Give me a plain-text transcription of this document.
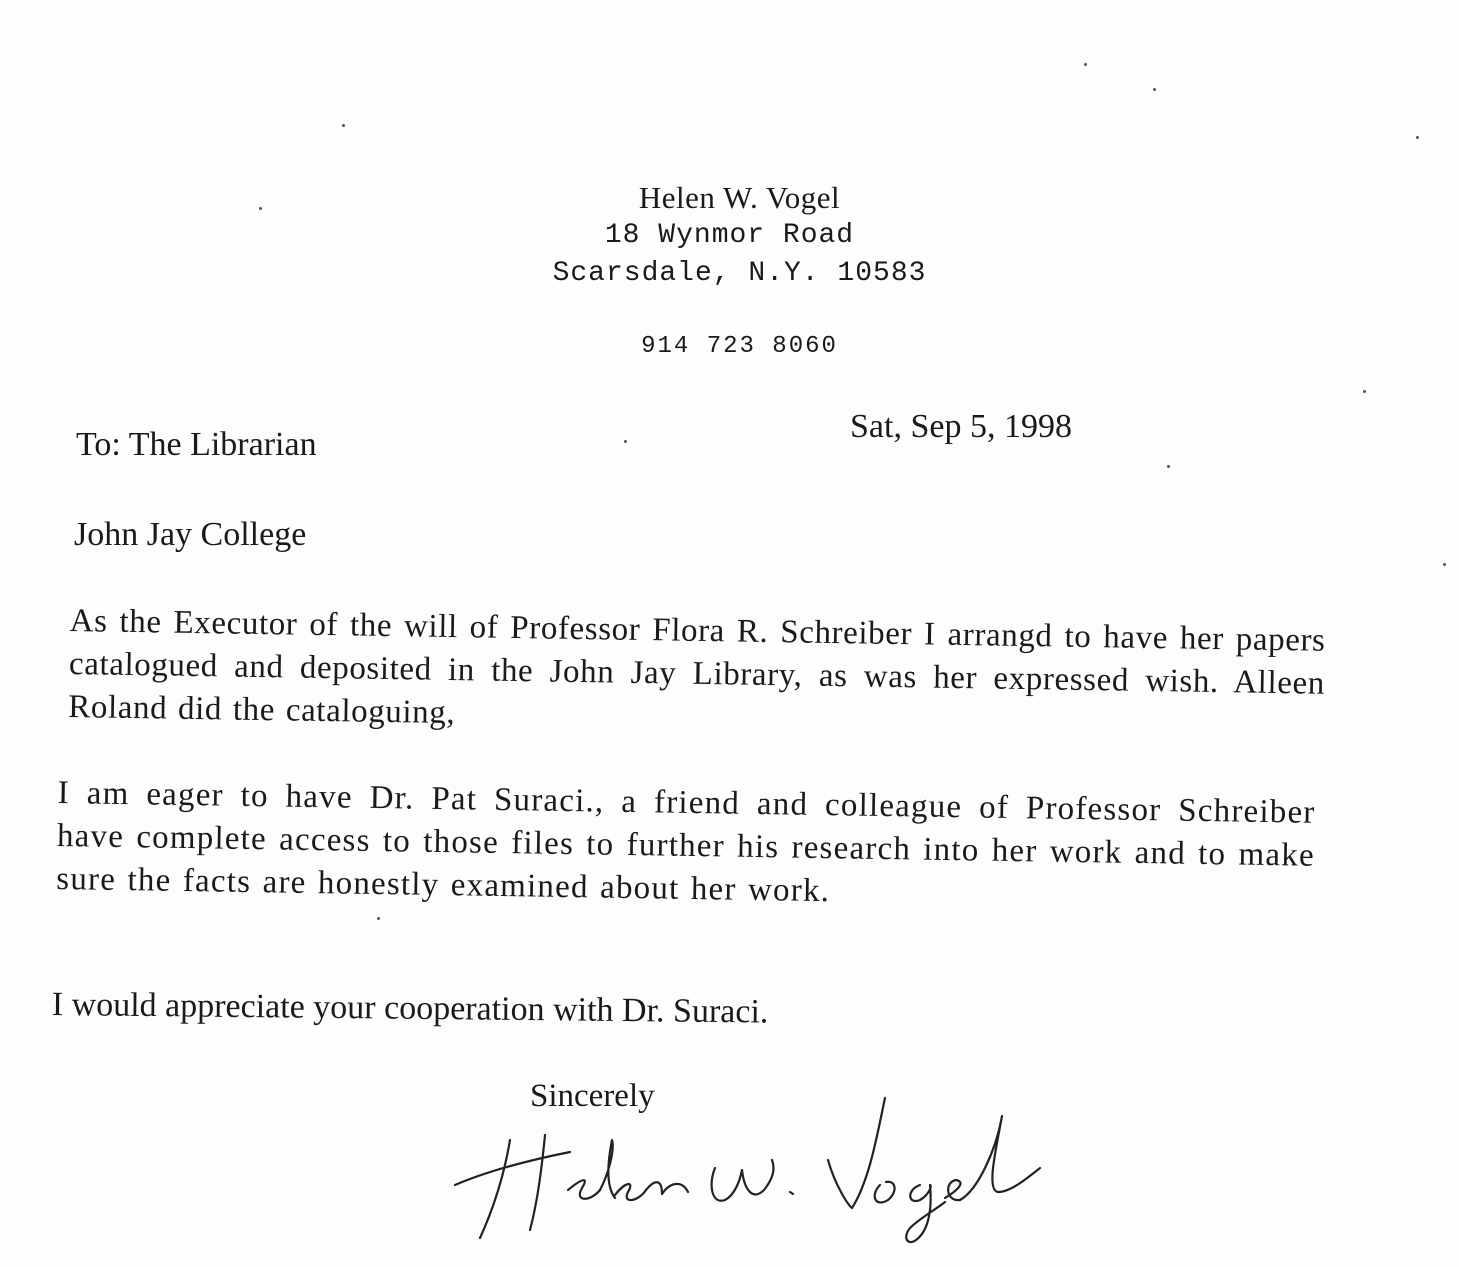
Helen W. Vogel
18 Wynmor Road
Scarsdale, N.Y. 10583
914 723 8060
Sat, Sep 5, 1998
To: The Librarian
John Jay College
As the Executor of the will of Professor Flora R. Schreiber I arrangd to have her papers catalogued and deposited in the John Jay Library, as was her expressed wish. Alleen Roland did the cataloguing,
I am eager to have Dr. Pat Suraci., a friend and colleague of Professor Schreiber have complete access to those files to further his research into her work and to make sure the facts are honestly examined about her work.
I would appreciate your cooperation with Dr. Suraci.
Sincerely
